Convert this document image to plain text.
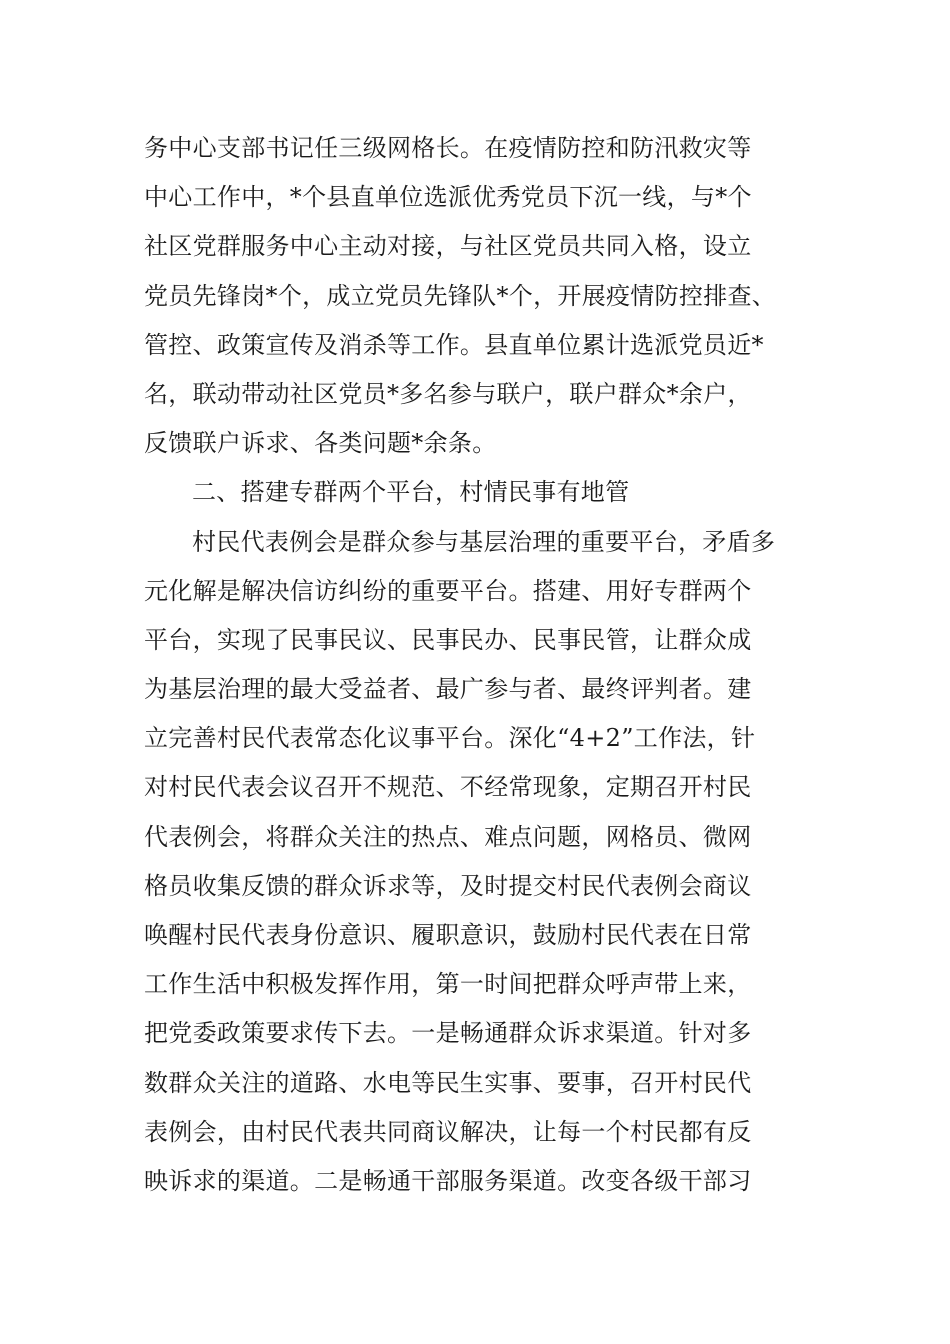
务中心支部书记任三级网格长。在疫情防控和防汛救灾等
中心工作中，*个县直单位选派优秀党员下沉一线，与*个
社区党群服务中心主动对接，与社区党员共同入格，设立
党员先锋岗*个，成立党员先锋队*个，开展疫情防控排查、
管控、政策宣传及消杀等工作。县直单位累计选派党员近*
名，联动带动社区党员*多名参与联户，联户群众*余户，
反馈联户诉求、各类问题*余条。
二、搭建专群两个平台，村情民事有地管
村民代表例会是群众参与基层治理的重要平台，矛盾多
元化解是解决信访纠纷的重要平台。搭建、用好专群两个
平台，实现了民事民议、民事民办、民事民管，让群众成
为基层治理的最大受益者、最广参与者、最终评判者。建
立完善村民代表常态化议事平台。深化“4+2”工作法，针
对村民代表会议召开不规范、不经常现象，定期召开村民
代表例会，将群众关注的热点、难点问题，网格员、微网
格员收集反馈的群众诉求等，及时提交村民代表例会商议
唤醒村民代表身份意识、履职意识，鼓励村民代表在日常
工作生活中积极发挥作用，第一时间把群众呼声带上来，
把党委政策要求传下去。一是畅通群众诉求渠道。针对多
数群众关注的道路、水电等民生实事、要事，召开村民代
表例会，由村民代表共同商议解决，让每一个村民都有反
映诉求的渠道。二是畅通干部服务渠道。改变各级干部习
